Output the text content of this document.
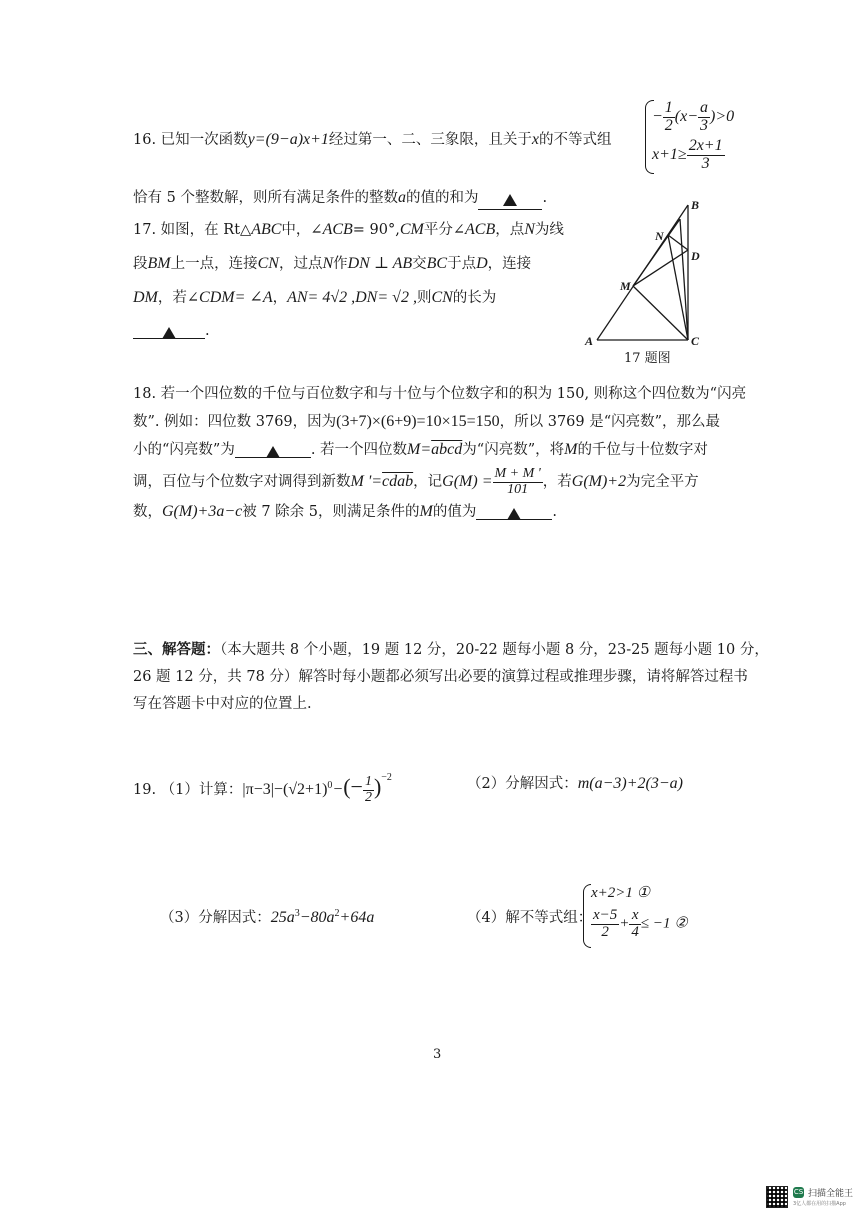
16. 已知一次函数y=(9−a)x+1经过第一、二、三象限，且关于x的不等式组
− $\frac{1}{2} (x- \frac{a}{3} )>0$
$x+1\ge \frac{2x+1}{3}$
恰有 5 个整数解，则所有满足条件的整数a的值的和为	.
17. 如图，在 Rt△ABC中，∠ACB= 90°,CM平分∠ACB，点N为线
段BM上一点，连接CN，过点N作DN ⊥ AB交BC于点D，连接
DM，若∠CDM= ∠A，AN= 4√2 ,DN= √2 ,则CN的长为
.
B
N
D
M
A	C
17 题图
18. 若一个四位数的千位与百位数字和与十位与个位数字和的积为 150, 则称这个四位数为“闪亮
数”. 例如：四位数 3769，因为(3+7)×(6+9)=10×15=150，所以 3769 是“闪亮数”，那么最
小的“闪亮数”为	. 若一个四位数M=abcd为“闪亮数”，将M的千位与十位数字对
调，百位与个位数字对调得到新数M '=cdab，记$G(M) = \frac{M + M '}{101}$ ，若G(M)+2为完全平方
数，G(M)+3a−c被 7 除余 5，则满足条件的M的值为	.
三、解答题：（本大题共 8 个小题，19 题 12 分，20-22 题每小题 8 分，23-25 题每小题 10 分，
26 题 12 分，共 78 分）解答时每小题都必须写出必要的演算过程或推理步骤，请将解答过程书
写在答题卡中对应的位置上.
19. （1）计算：$|\pi-3|-(√2+1)^0-(- \frac{1}{2} )^{-2}$	（2）分解因式：m(a−3)+2(3−a)
（3）分解因式：$25a^3-80a^2+64a$	（4）解不等式组：
x+2>1 ①
$\frac{x-5}{2} + \frac{x}{4} \le -1$ ②
3
CS 扫描全能王
3亿人都在用的扫描App
